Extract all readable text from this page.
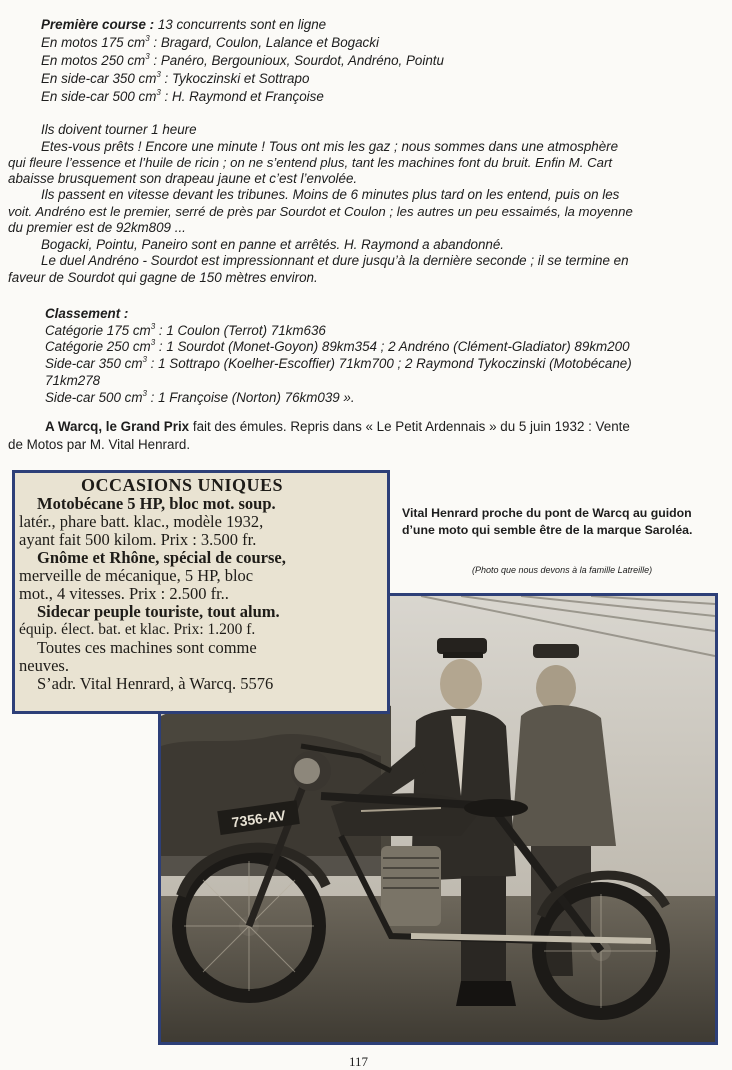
Première course : 13 concurrents sont en ligne
En motos 175 $cm^3$ : Bragard, Coulon, Lalance et Bogacki
En motos 250 $cm^3$ : Panéro, Bergounioux, Sourdot, Andréno, Pointu
En side-car 350 $cm^3$ : Tykoczinski et Sottrapo
En side-car 500 $cm^3$ : H. Raymond et Françoise
Ils doivent tourner 1 heure
Etes-vous prêts ! Encore une minute ! Tous ont mis les gaz ; nous sommes dans une atmosphère
qui fleure l’essence et l’huile de ricin ; on ne s’entend plus, tant les machines font du bruit. Enfin M. Cart
abaisse brusquement son drapeau jaune et c’est l’envolée.
Ils passent en vitesse devant les tribunes. Moins de 6 minutes plus tard on les entend, puis on les
voit. Andréno est le premier, serré de près par Sourdot et Coulon ; les autres un peu essaimés, la moyenne
du premier est de 92km809 ...
Bogacki, Pointu, Paneiro sont en panne et arrêtés. H. Raymond a abandonné.
Le duel Andréno - Sourdot est impressionnant et dure jusqu’à la dernière seconde ; il se termine en
faveur de Sourdot qui gagne de 150 mètres environ.
Classement :
Catégorie 175 $cm^3$ : 1 Coulon (Terrot) 71km636
Catégorie 250 $cm^3$ : 1 Sourdot (Monet-Goyon) 89km354 ; 2 Andréno (Clément-Gladiator) 89km200
Side-car 350 $cm^3$ : 1 Sottrapo (Koelher-Escoffier) 71km700 ; 2 Raymond Tykoczinski (Motobécane)
71km278
Side-car 500 $cm^3$ : 1 Françoise (Norton) 76km039 ».
A Warcq, le Grand Prix fait des émules. Repris dans « Le Petit Ardennais » du 5 juin 1932 : Vente
de Motos par M. Vital Henrard.
OCCASIONS UNIQUES
Motobécane 5 HP, bloc mot. soup.
latér., phare batt. klac., modèle 1932,
ayant fait 500 kilom. Prix : 3.500 fr.
Gnôme et Rhône, spécial de course,
merveille de mécanique, 5 HP, bloc
mot., 4 vitesses. Prix : 2.500 fr..
Sidecar peuple touriste, tout alum.
équip. élect. bat. et klac. Prix: 1.200 f.
Toutes ces machines sont comme
neuves.
S’adr. Vital Henrard, à Warcq. 5576
Vital Henrard proche du pont de Warcq au guidon d’une moto qui semble être de la marque Saroléa.
(Photo que nous devons à la famille Latreille)
7356-AV
117
